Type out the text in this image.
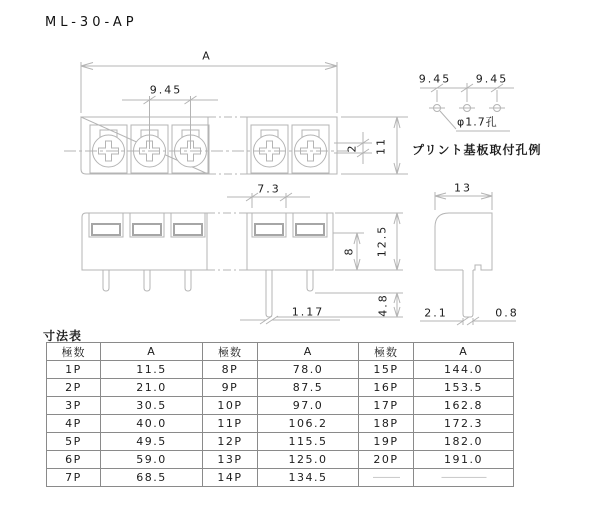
ML-30-AP
A
9.45
2 11
9.45 9.45
φ1.7孔
プリント基板取付孔例
7.3
8 12.5
4.8
1.17
13
2.1	0.8
寸法表
極数	A	極数	A	極数	A
1P	11.5	8P	78.0	15P	144.0
2P	21.0	9P	87.5	16P	153.5
3P	30.5	10P	97.0	17P	162.8
4P	40.0	11P	106.2	18P	172.3
5P	49.5	12P	115.5	19P	182.0
6P	59.0	13P	125.0	20P	191.0
7P	68.5	14P	134.5	———	—————
